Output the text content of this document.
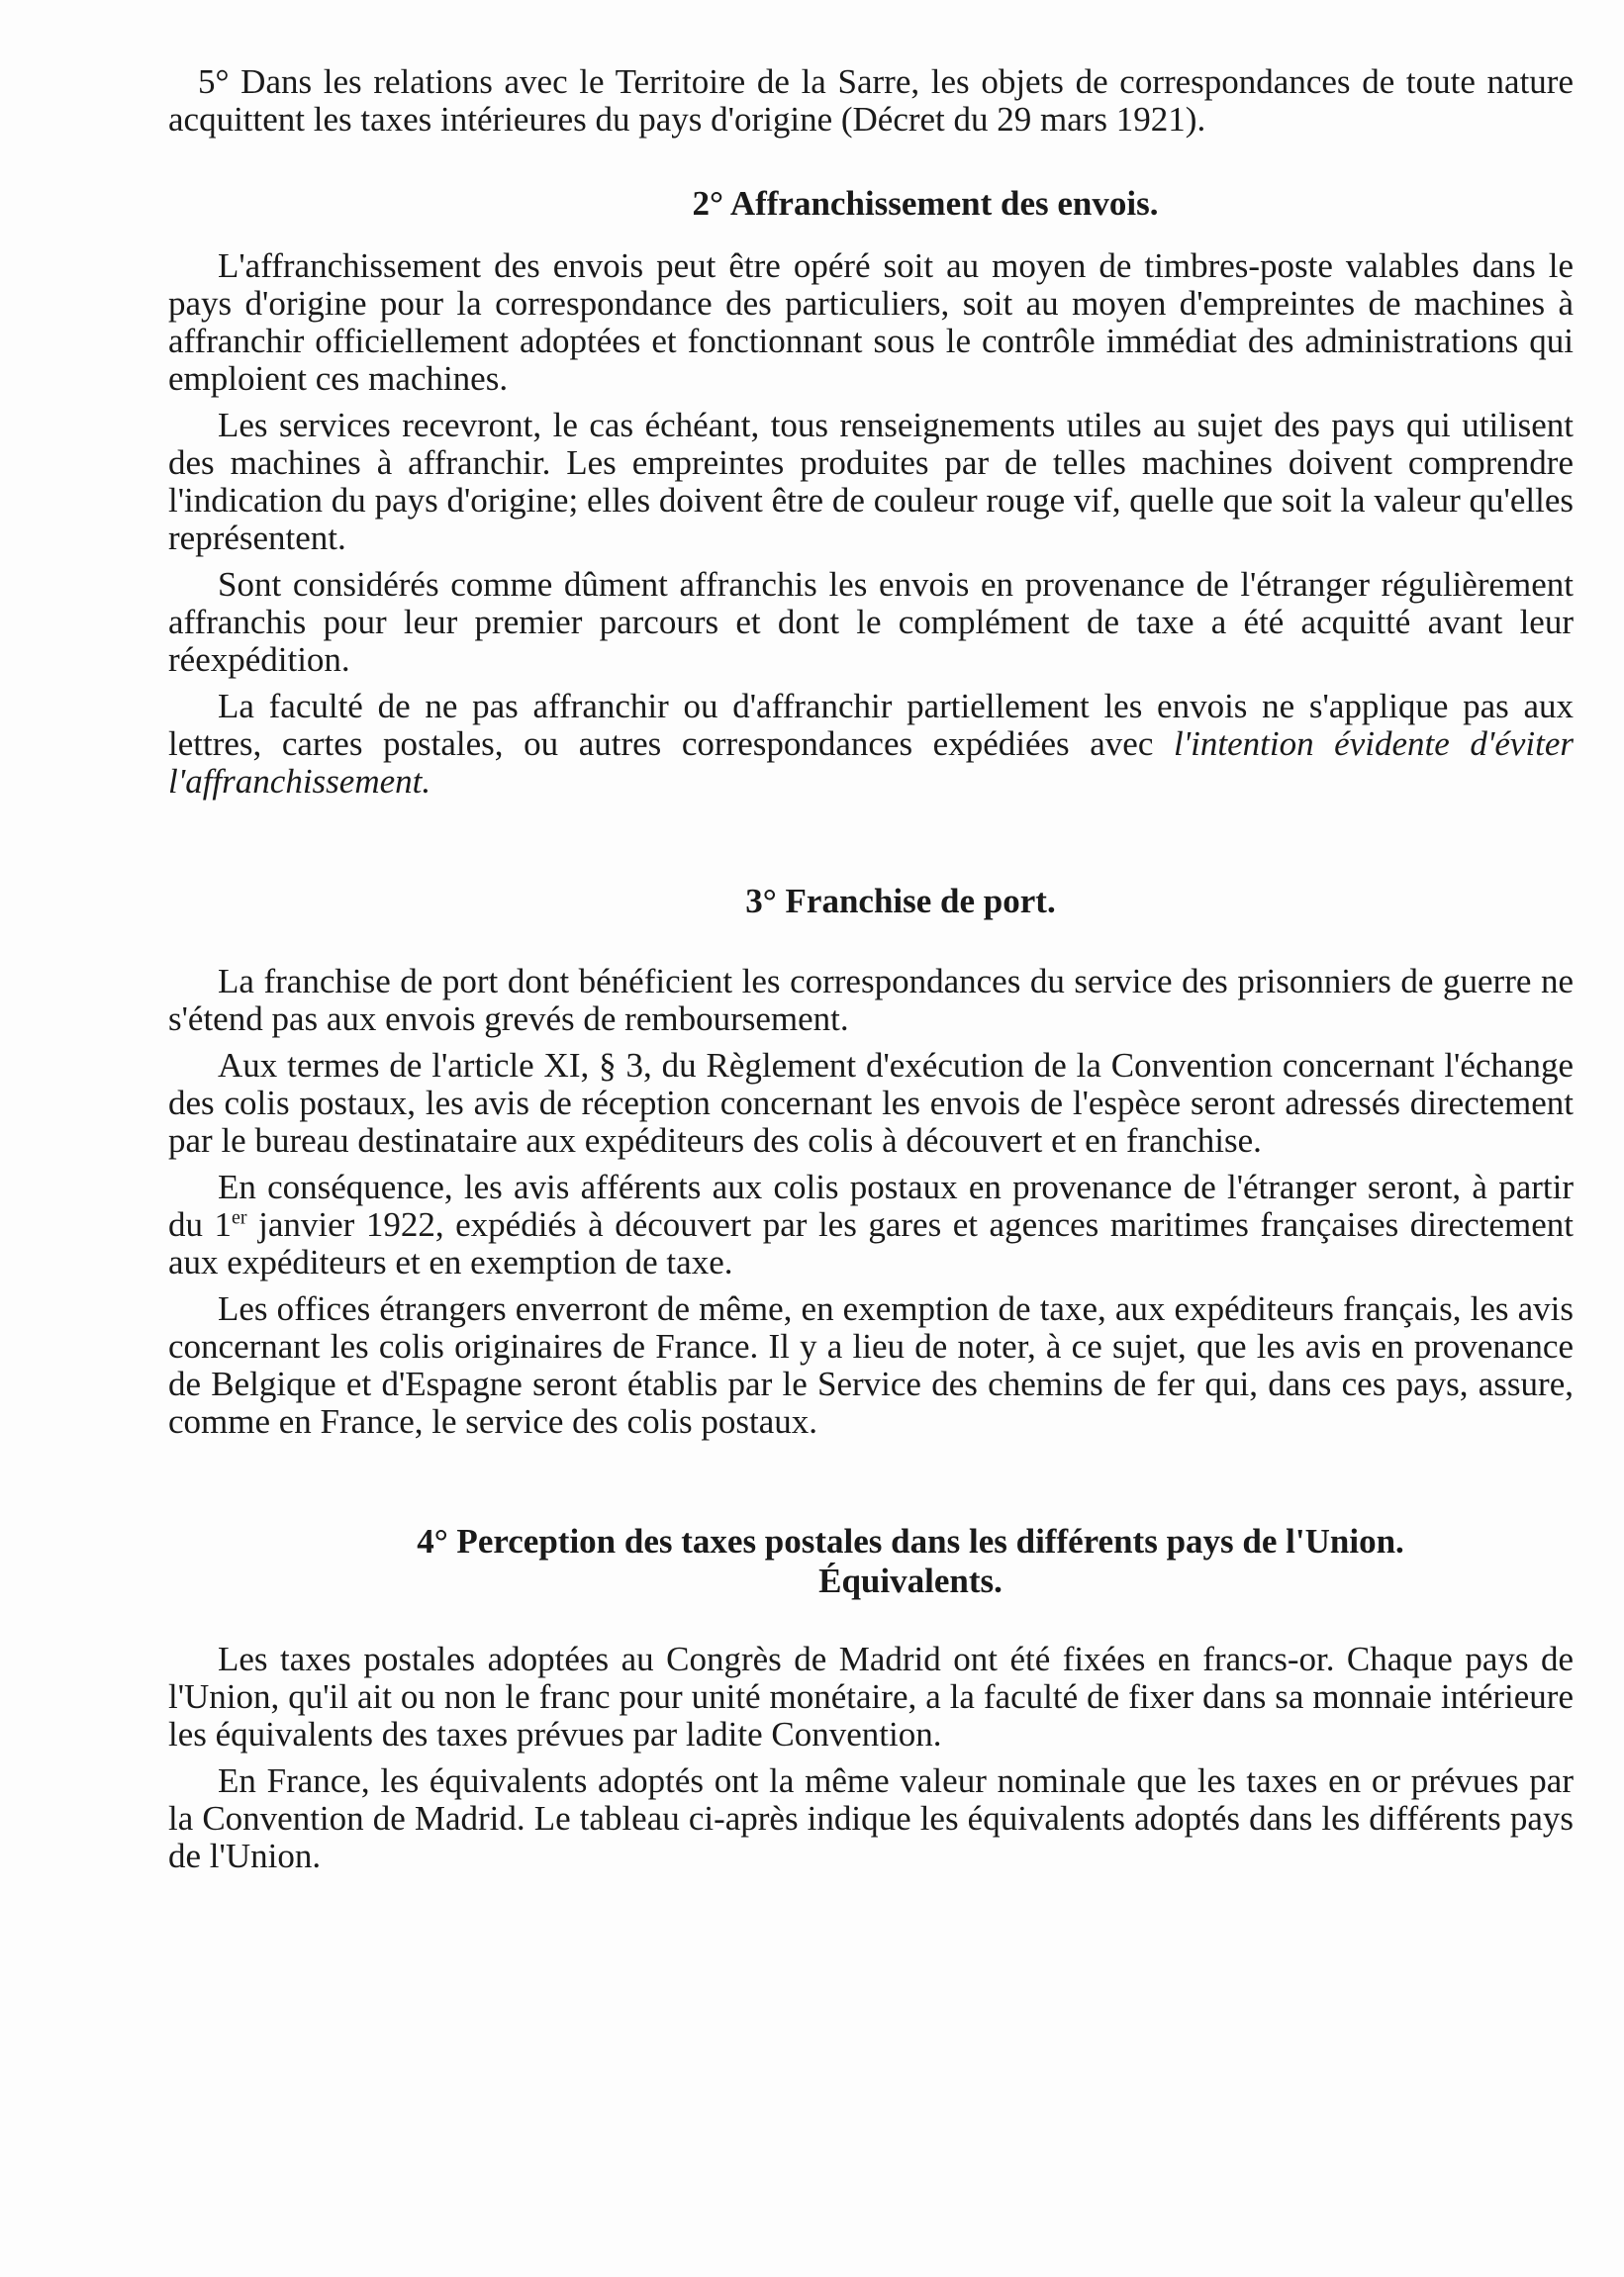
5° Dans les relations avec le Territoire de la Sarre, les objets de correspondances de toute nature acquittent les taxes intérieures du pays d'origine (Décret du 29 mars 1921).

2° Affranchissement des envois.

L'affranchissement des envois peut être opéré soit au moyen de timbres-poste valables dans le pays d'origine pour la correspondance des particuliers, soit au moyen d'empreintes de machines à affranchir officiellement adoptées et fonctionnant sous le contrôle immédiat des administrations qui emploient ces machines.

Les services recevront, le cas échéant, tous renseignements utiles au sujet des pays qui utilisent des machines à affranchir. Les empreintes produites par de telles machines doivent comprendre l'indication du pays d'origine; elles doivent être de couleur rouge vif, quelle que soit la valeur qu'elles représentent.

Sont considérés comme dûment affranchis les envois en provenance de l'étranger régulièrement affranchis pour leur premier parcours et dont le complément de taxe a été acquitté avant leur réexpédition.

La faculté de ne pas affranchir ou d'affranchir partiellement les envois ne s'applique pas aux lettres, cartes postales, ou autres correspondances expédiées avec l'intention évidente d'éviter l'affranchissement.

3° Franchise de port.

La franchise de port dont bénéficient les correspondances du service des prisonniers de guerre ne s'étend pas aux envois grevés de remboursement.

Aux termes de l'article XI, § 3, du Règlement d'exécution de la Convention concernant l'échange des colis postaux, les avis de réception concernant les envois de l'espèce seront adressés directement par le bureau destinataire aux expéditeurs des colis à découvert et en franchise.

En conséquence, les avis afférents aux colis postaux en provenance de l'étranger seront, à partir du 1er janvier 1922, expédiés à découvert par les gares et agences maritimes françaises directement aux expéditeurs et en exemption de taxe.

Les offices étrangers enverront de même, en exemption de taxe, aux expéditeurs français, les avis concernant les colis originaires de France. Il y a lieu de noter, à ce sujet, que les avis en provenance de Belgique et d'Espagne seront établis par le Service des chemins de fer qui, dans ces pays, assure, comme en France, le service des colis postaux.

4° Perception des taxes postales dans les différents pays de l'Union.
Équivalents.

Les taxes postales adoptées au Congrès de Madrid ont été fixées en francs-or. Chaque pays de l'Union, qu'il ait ou non le franc pour unité monétaire, a la faculté de fixer dans sa monnaie intérieure les équivalents des taxes prévues par ladite Convention.

En France, les équivalents adoptés ont la même valeur nominale que les taxes en or prévues par la Convention de Madrid. Le tableau ci-après indique les équivalents adoptés dans les différents pays de l'Union.
